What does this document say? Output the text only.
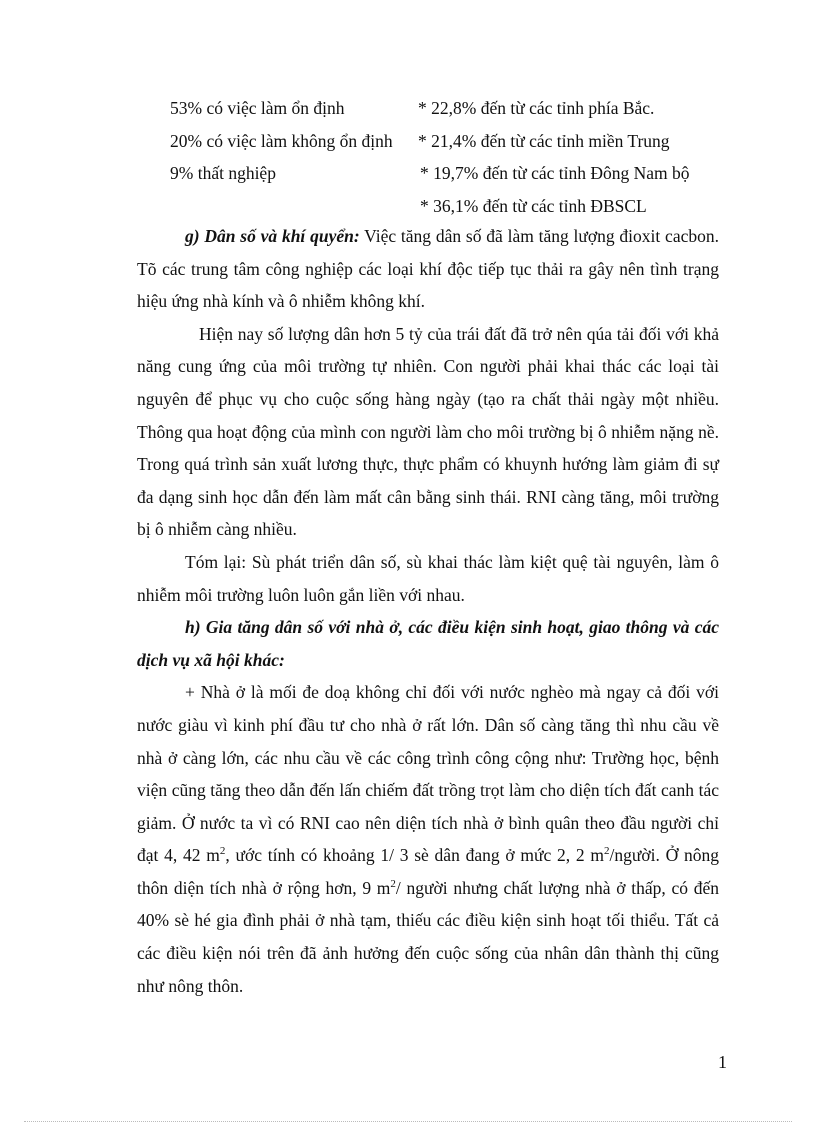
53% có việc làm ổn định	* 22,8% đến từ các tỉnh phía Bắc.
20% có việc làm không ổn định * 21,4% đến từ các tỉnh miền Trung
9% thất nghiệp	* 19,7% đến từ các tỉnh Đông Nam bộ
* 36,1% đến từ các tỉnh ĐBSCL

g) Dân số và khí quyển: Việc tăng dân số đã làm tăng lượng đioxit cacbon. Tõ các trung tâm công nghiệp các loại khí độc tiếp tục thải ra gây nên tình trạng hiệu ứng nhà kính và ô nhiễm không khí.

Hiện nay số lượng dân hơn 5 tỷ của trái đất đã trở nên qúa tải đối với khả năng cung ứng của môi trường tự nhiên. Con người phải khai thác các loại tài nguyên để phục vụ cho cuộc sống hàng ngày (tạo ra chất thải ngày một nhiều. Thông qua hoạt động của mình con người làm cho môi trường bị ô nhiễm nặng nề. Trong quá trình sản xuất lương thực, thực phẩm có khuynh hướng làm giảm đi sự đa dạng sinh học dẫn đến làm mất cân bằng sinh thái. RNI càng tăng, môi trường bị ô nhiễm càng nhiều.

Tóm lại: Sù phát triển dân số, sù khai thác làm kiệt quệ tài nguyên, làm ô nhiễm môi trường luôn luôn gắn liền với nhau.

h) Gia tăng dân số với nhà ở, các điều kiện sinh hoạt, giao thông và các dịch vụ xã hội khác:

+ Nhà ở là mối đe doạ không chỉ đối với nước nghèo mà ngay cả đối với nước giàu vì kinh phí đầu tư cho nhà ở rất lớn. Dân số càng tăng thì nhu cầu về nhà ở càng lớn, các nhu cầu về các công trình công cộng như: Trường học, bệnh viện cũng tăng theo dẫn đến lấn chiếm đất trồng trọt làm cho diện tích đất canh tác giảm. Ở nước ta vì có RNI cao nên diện tích nhà ở bình quân theo đầu người chỉ đạt 4, 42 $m^2$, ước tính có khoảng 1/ 3 sè dân đang ở mức 2, 2 $m^2$/người. Ở nông thôn diện tích nhà ở rộng hơn, 9 $m^2/$ người nhưng chất lượng nhà ở thấp, có đến 40% sè hé gia đình phải ở nhà tạm, thiếu các điều kiện sinh hoạt tối thiểu. Tất cả các điều kiện nói trên đã ảnh hưởng đến cuộc sống của nhân dân thành thị cũng như nông thôn.

1
